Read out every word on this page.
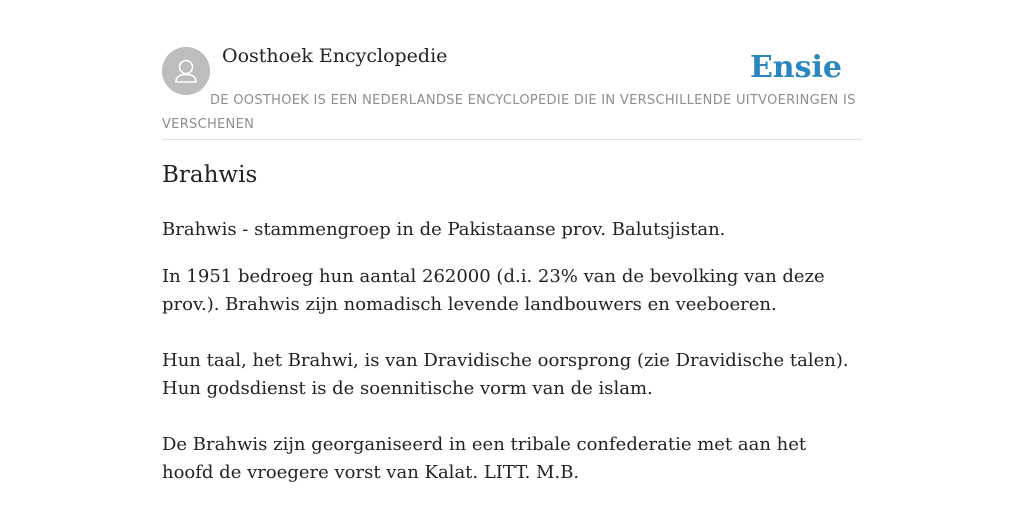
Oosthoek Encyclopedie	Ensie
DE OOSTHOEK IS EEN NEDERLANDSE ENCYCLOPEDIE DIE IN VERSCHILLENDE UITVOERINGEN IS VERSCHENEN
Brahwis

Brahwis - stammengroep in de Pakistaanse prov. Balutsjistan.

In 1951 bedroeg hun aantal 262000 (d.i. 23% van de bevolking van deze prov.). Brahwis zijn nomadisch levende landbouwers en veeboeren.

Hun taal, het Brahwi, is van Dravidische oorsprong (zie Dravidische talen). Hun godsdienst is de soennitische vorm van de islam.

De Brahwis zijn georganiseerd in een tribale confederatie met aan het hoofd de vroegere vorst van Kalat. LITT. M.B.
